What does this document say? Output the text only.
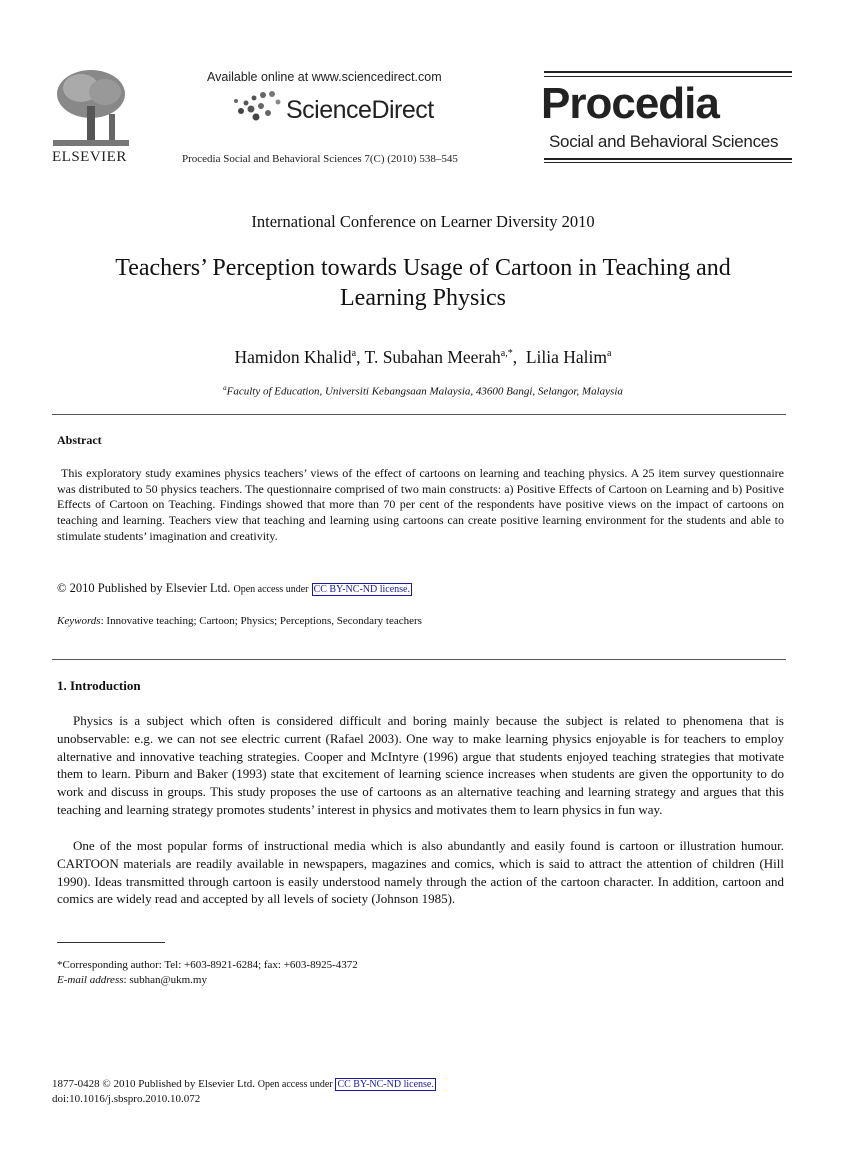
Available online at www.sciencedirect.com
ScienceDirect
Procedia Social and Behavioral Sciences 7(C) (2010) 538–545
ELSEVIER
Procedia
Social and Behavioral Sciences
International Conference on Learner Diversity 2010
Teachers’ Perception towards Usage of Cartoon in Teaching and
Learning Physics
Hamidon Khalid$^a$, T. Subahan Meerah$^{a,*}$,  Lilia Halim$^a$
$^a$Faculty of Education, Universiti Kebangsaan Malaysia, 43600 Bangi, Selangor, Malaysia
Abstract
This exploratory study examines physics teachers’ views of the effect of cartoons on learning and teaching physics. A 25 item survey questionnaire was distributed to 50 physics teachers. The questionnaire comprised of two main constructs: a) Positive Effects of Cartoon on Learning and b) Positive Effects of Cartoon on Teaching. Findings showed that more than 70 per cent of the respondents have positive views on the impact of cartoons on teaching and learning. Teachers view that teaching and learning using cartoons can create positive learning environment for the students and able to stimulate students’ imagination and creativity.
© 2010 Published by Elsevier Ltd. Open access under CC BY-NC-ND license.
Keywords: Innovative teaching; Cartoon; Physics; Perceptions, Secondary teachers
1. Introduction
Physics is a subject which often is considered difficult and boring mainly because the subject is related to phenomena that is unobservable: e.g. we can not see electric current (Rafael 2003). One way to make learning physics enjoyable is for teachers to employ alternative and innovative teaching strategies. Cooper and McIntyre (1996) argue that students enjoyed teaching strategies that motivate them to learn. Piburn and Baker (1993) state that excitement of learning science increases when students are given the opportunity to do work and discuss in groups. This study proposes the use of cartoons as an alternative teaching and learning strategy and argues that this teaching and learning strategy promotes students’ interest in physics and motivates them to learn physics in fun way.
One of the most popular forms of instructional media which is also abundantly and easily found is cartoon or illustration humour. CARTOON materials are readily available in newspapers, magazines and comics, which is said to attract the attention of children (Hill 1990). Ideas transmitted through cartoon is easily understood namely through the action of the cartoon character. In addition, cartoon and comics are widely read and accepted by all levels of society (Johnson 1985).
*Corresponding author: Tel: +603-8921-6284; fax: +603-8925-4372
E-mail address: subhan@ukm.my
1877-0428 © 2010 Published by Elsevier Ltd. Open access under CC BY-NC-ND license.
doi:10.1016/j.sbspro.2010.10.072
